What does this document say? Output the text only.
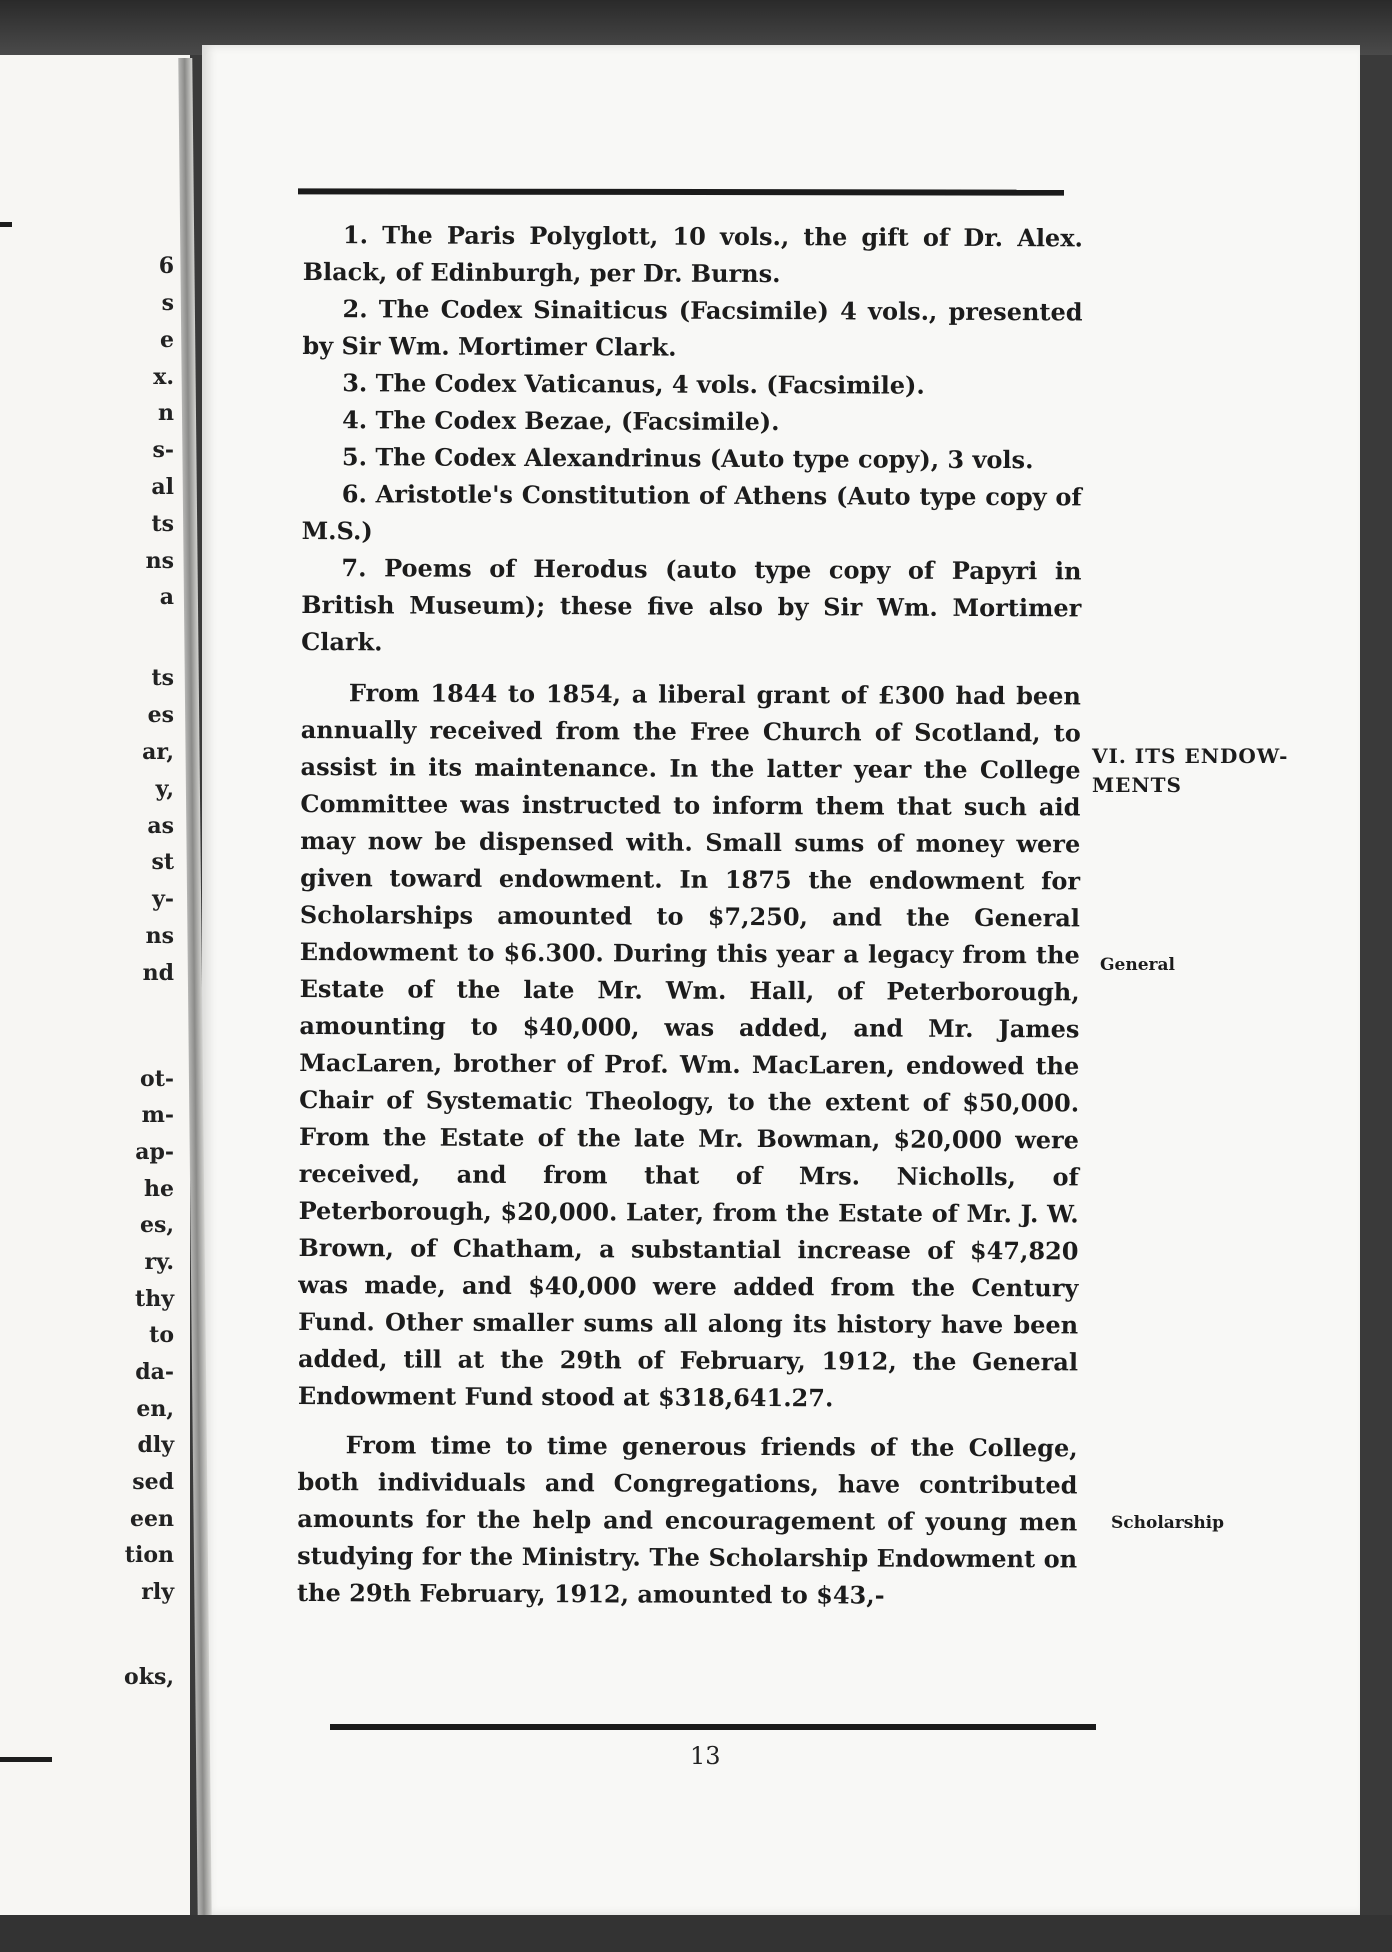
6
s
e
x.
n
s-
al
ts
ns
a
ts
es
ar,
y,
as
st
y-
ns
nd
ot-
m-
ap-
he
es,
ry.
thy
to
da-
en,
dly
sed
een
tion
rly
oks,

1. The Paris Polyglott, 10 vols., the gift of Dr. Alex. Black, of Edinburgh, per Dr. Burns.

2. The Codex Sinaiticus (Facsimile) 4 vols., presented by Sir Wm. Mortimer Clark.

3. The Codex Vaticanus, 4 vols. (Facsimile).

4. The Codex Bezae, (Facsimile).

5. The Codex Alexandrinus (Auto type copy), 3 vols.

6. Aristotle's Constitution of Athens (Auto type copy of M.S.)

7. Poems of Herodus (auto type copy of Papyri in British Museum); these five also by Sir Wm. Mortimer Clark.

From 1844 to 1854, a liberal grant of £300 had been annually received from the Free Church of Scotland, to assist in its maintenance. In the latter year the College Committee was instructed to inform them that such aid may now be dispensed with. Small sums of money were given toward endowment. In 1875 the endowment for Scholarships amounted to $7,250, and the General Endowment to $6.300. During this year a legacy from the Estate of the late Mr. Wm. Hall, of Peterborough, amounting to $40,000, was added, and Mr. James MacLaren, brother of Prof. Wm. MacLaren, endowed the Chair of Systematic Theology, to the extent of $50,000. From the Estate of the late Mr. Bowman, $20,000 were received, and from that of Mrs. Nicholls, of Peterborough, $20,000. Later, from the Estate of Mr. J. W. Brown, of Chatham, a substantial increase of $47,820 was made, and $40,000 were added from the Century Fund. Other smaller sums all along its history have been added, till at the 29th of February, 1912, the General Endowment Fund stood at $318,641.27.

From time to time generous friends of the College, both individuals and Congregations, have contributed amounts for the help and encouragement of young men studying for the Ministry. The Scholarship Endowment on the 29th February, 1912, amounted to $43,-

VI. ITS ENDOW-
MENTS
General
Scholarship
13
